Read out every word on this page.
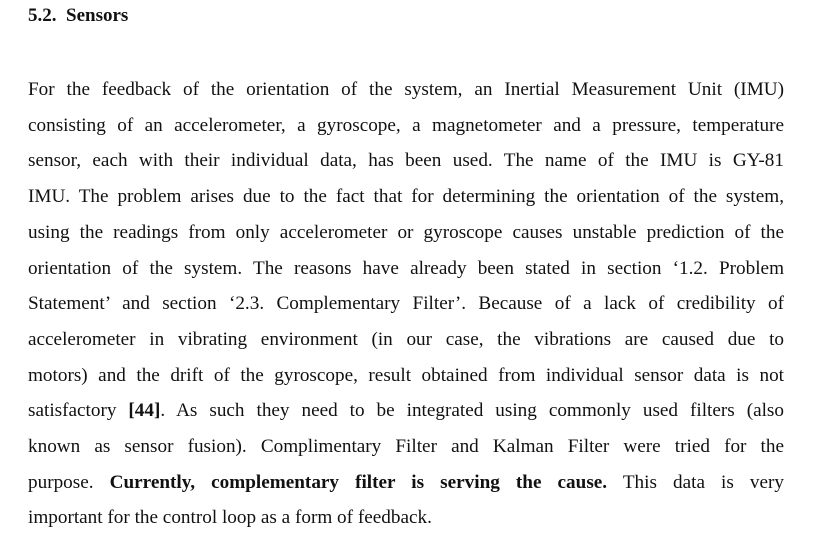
5.2. Sensors
For the feedback of the orientation of the system, an Inertial Measurement Unit (IMU)
consisting of an accelerometer, a gyroscope, a magnetometer and a pressure, temperature
sensor, each with their individual data, has been used. The name of the IMU is GY-81
IMU. The problem arises due to the fact that for determining the orientation of the system,
using the readings from only accelerometer or gyroscope causes unstable prediction of the
orientation of the system. The reasons have already been stated in section ‘1.2. Problem
Statement’ and section ‘2.3. Complementary Filter’. Because of a lack of credibility of
accelerometer in vibrating environment (in our case, the vibrations are caused due to
motors) and the drift of the gyroscope, result obtained from individual sensor data is not
satisfactory [44]. As such they need to be integrated using commonly used filters (also
known as sensor fusion). Complimentary Filter and Kalman Filter were tried for the
purpose. Currently, complementary filter is serving the cause. This data is very
important for the control loop as a form of feedback.
